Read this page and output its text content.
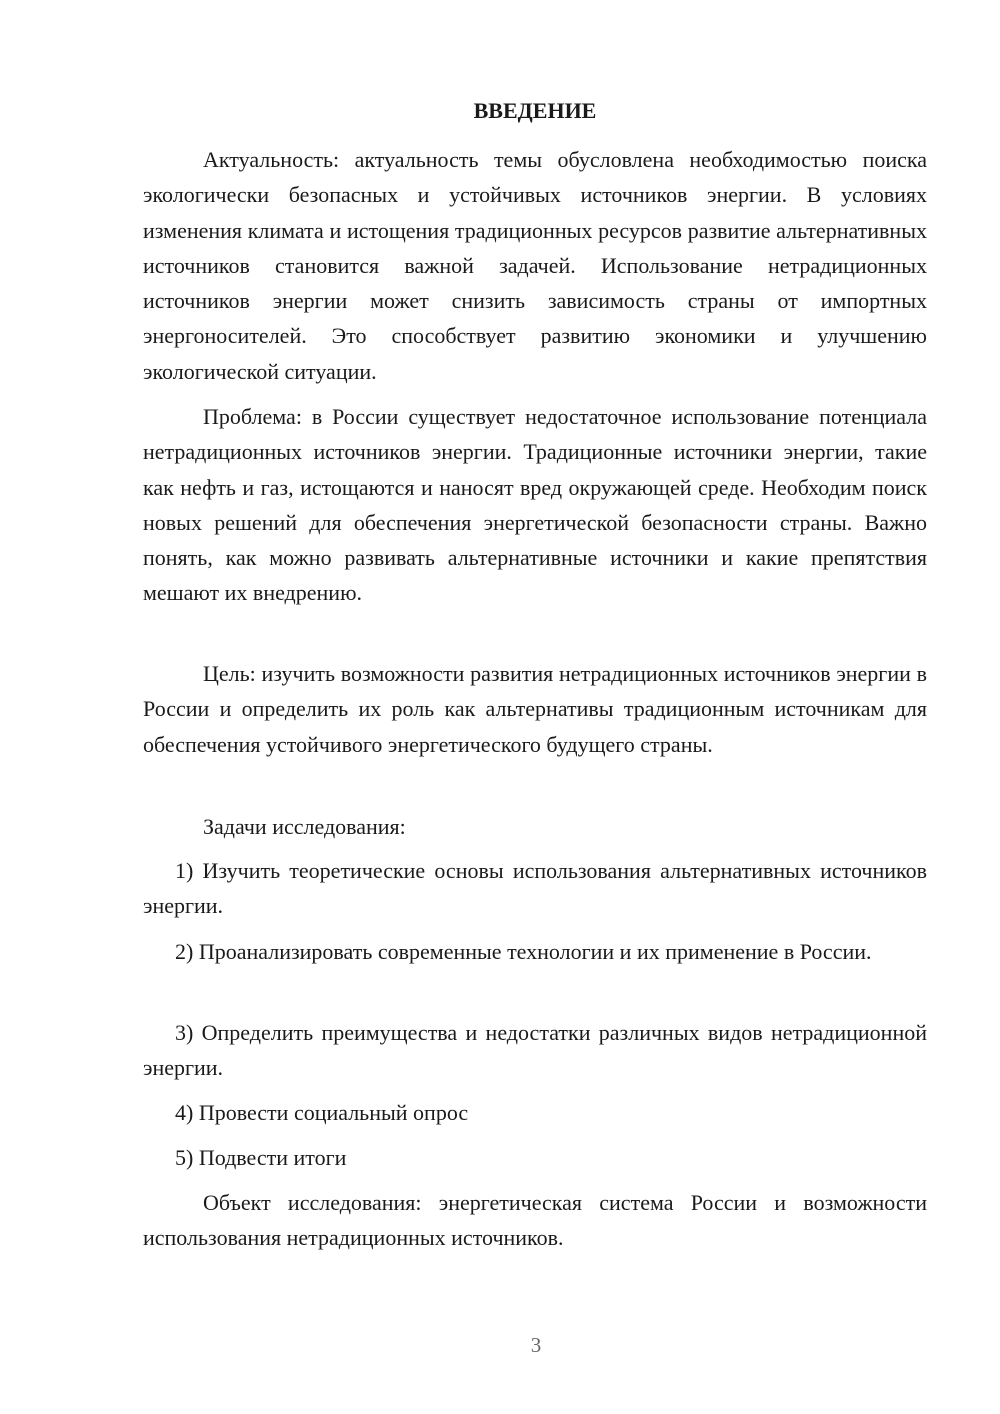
ВВЕДЕНИЕ

Актуальность: актуальность темы обусловлена необходимостью поиска экологически безопасных и устойчивых источников энергии. В условиях изменения климата и истощения традиционных ресурсов развитие альтернативных источников становится важной задачей. Использование нетрадиционных источников энергии может снизить зависимость страны от импортных энергоносителей. Это способствует развитию экономики и улучшению экологической ситуации.

Проблема: в России существует недостаточное использование потенциала нетрадиционных источников энергии. Традиционные источники энергии, такие как нефть и газ, истощаются и наносят вред окружающей среде. Необходим поиск новых решений для обеспечения энергетической безопасности страны. Важно понять, как можно развивать альтернативные источники и какие препятствия мешают их внедрению.

Цель: изучить возможности развития нетрадиционных источников энергии в России и определить их роль как альтернативы традиционным источникам для обеспечения устойчивого энергетического будущего страны.

Задачи исследования:

1) Изучить теоретические основы использования альтернативных источников энергии.

2) Проанализировать современные технологии и их применение в России.

3) Определить преимущества и недостатки различных видов нетрадиционной энергии.

4) Провести социальный опрос

5) Подвести итоги

Объект исследования: энергетическая система России и возможности использования нетрадиционных источников.

3
